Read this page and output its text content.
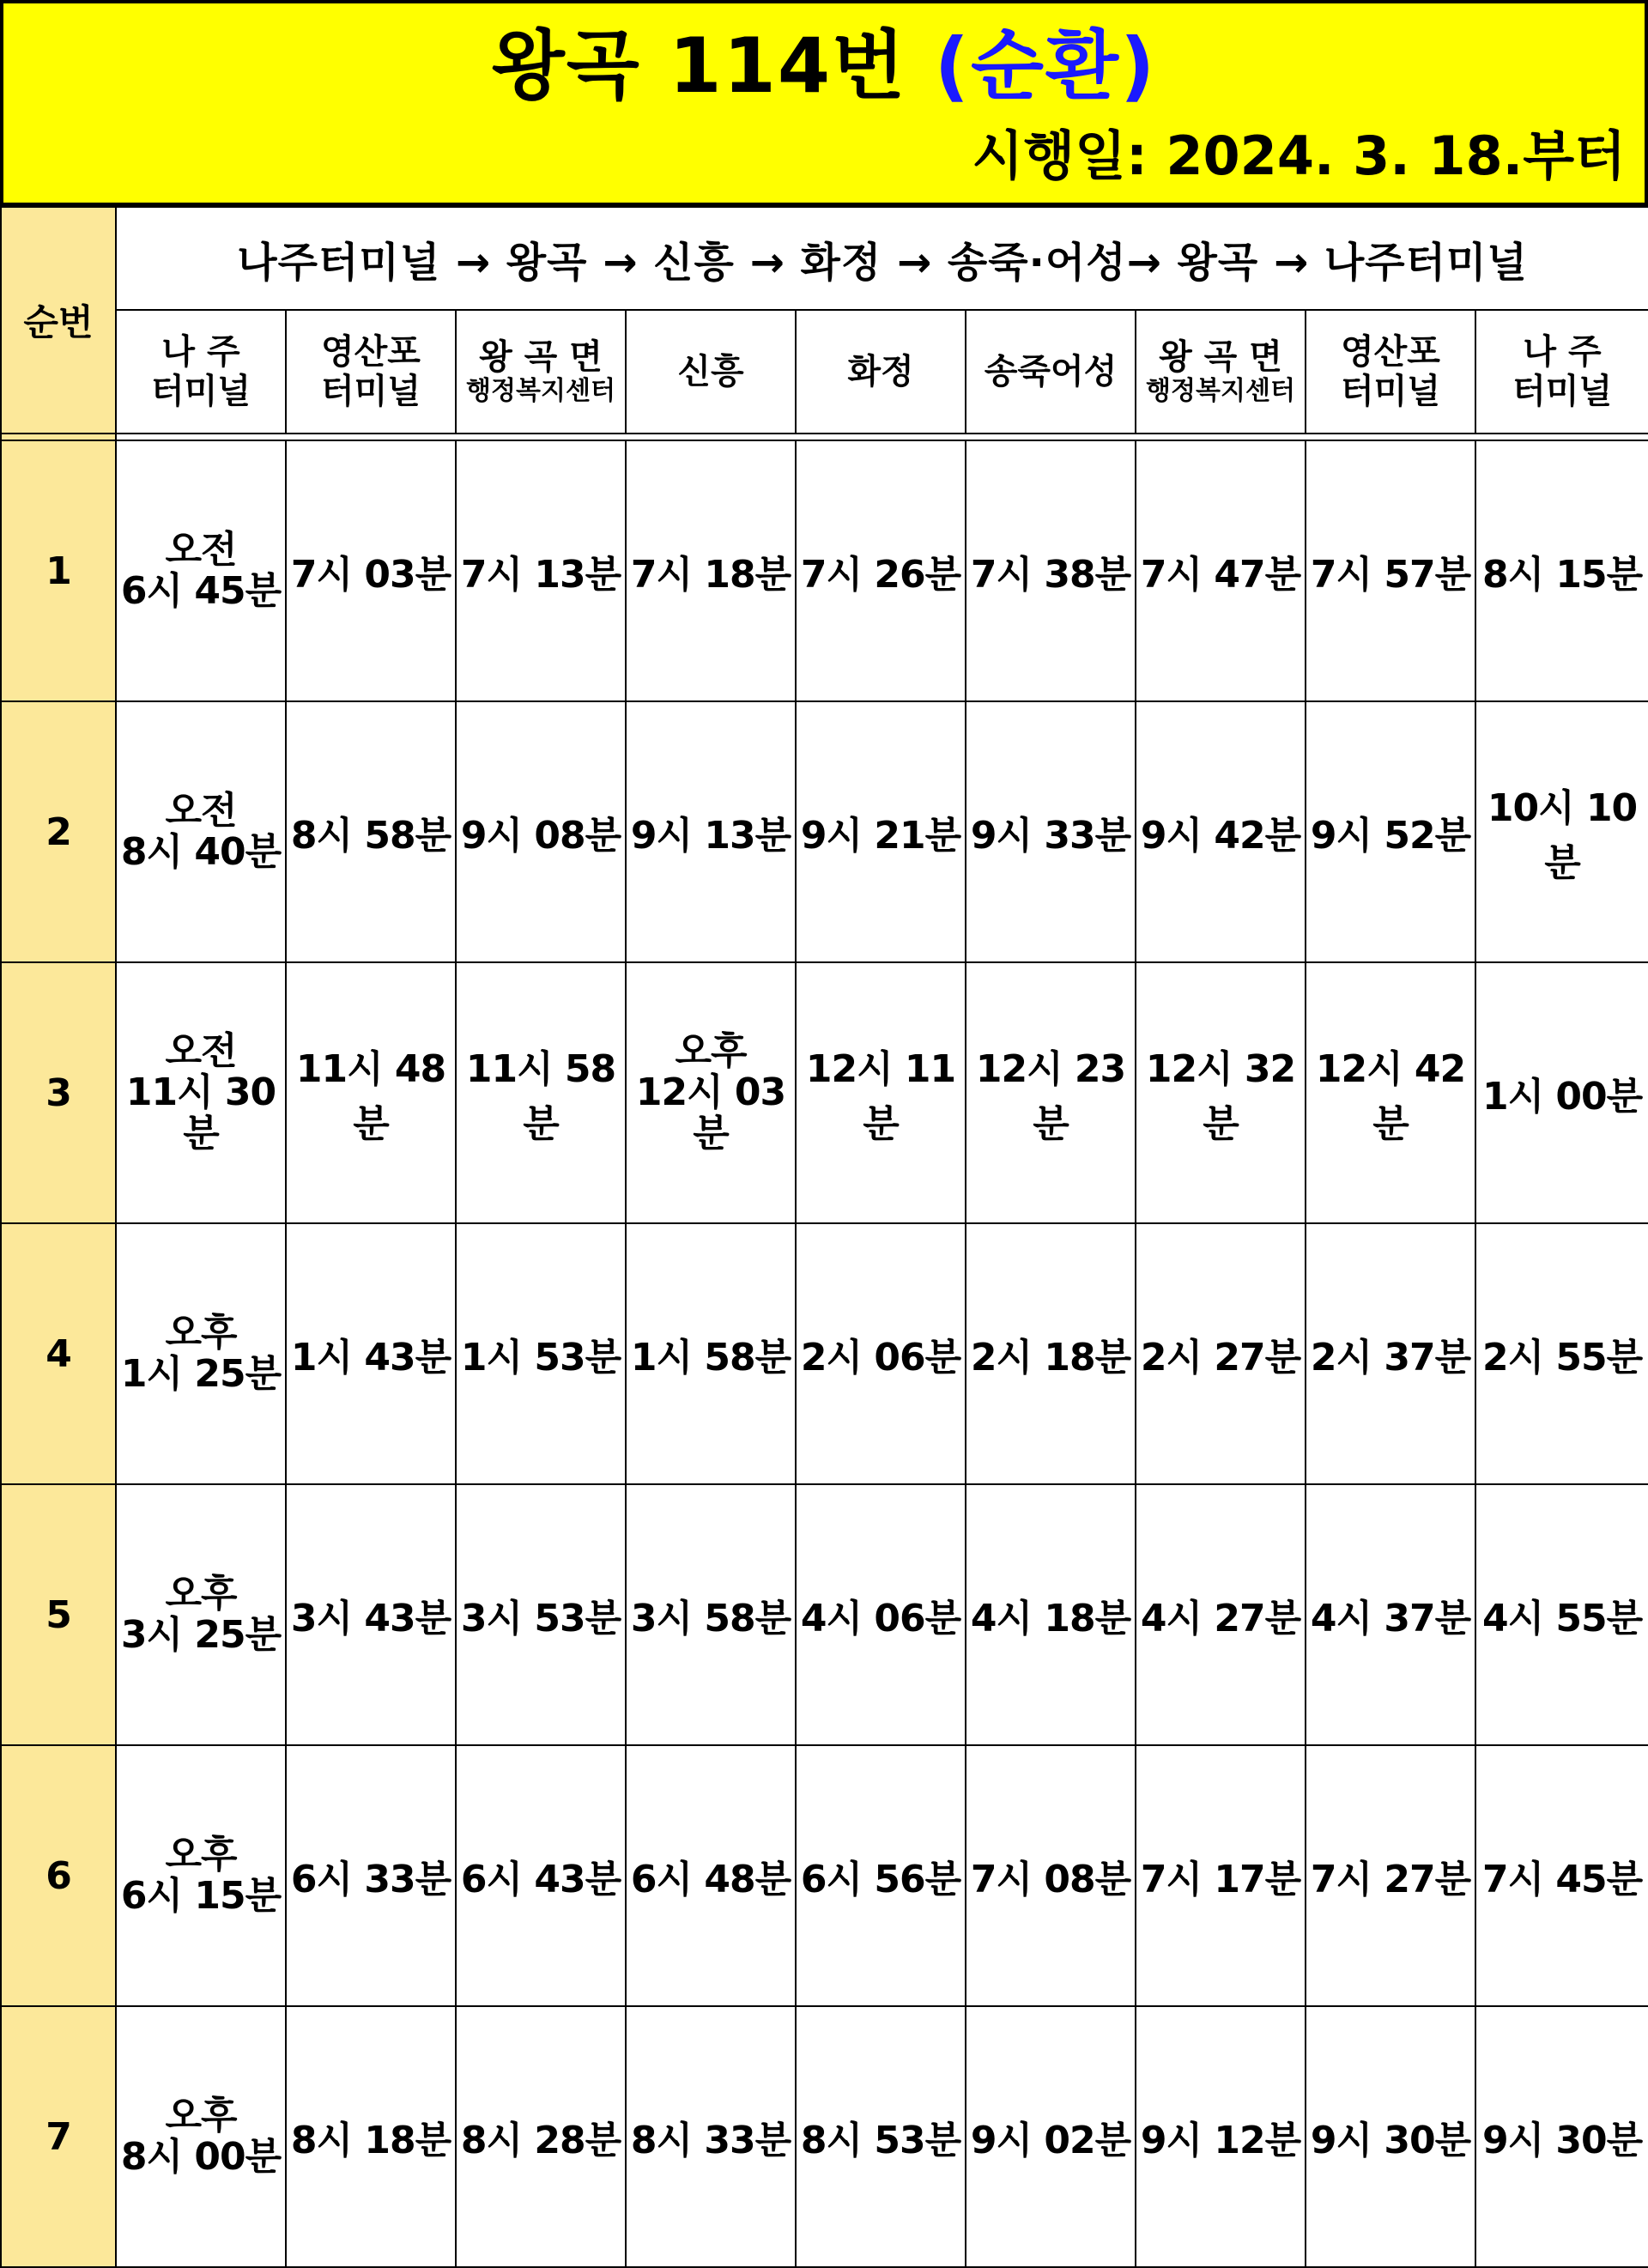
왕곡 114번 (순환)
시행일: 2024. 3. 18.부터
순번	나주터미널 → 왕곡 → 신흥 → 화정 → 송죽·어성→ 왕곡 → 나주터미널								

	나 주
터미널	영산포
터미널	왕 곡 면
행정복지센터	신흥	화정	송죽어성	왕 곡 면
행정복지센터	영산포
터미널	나 주
터미널

1	오전
6시 45분	7시 03분	7시 13분	7시 18분	7시 26분	7시 38분	7시 47분	7시 57분	8시 15분
2	오전
8시 40분	8시 58분	9시 08분	9시 13분	9시 21분	9시 33분	9시 42분	9시 52분	10시 10분
3	오전
11시 30분	11시 48분	11시 58분	오후
12시 03분	12시 11분	12시 23분	12시 32분	12시 42분	1시 00분
4	오후
1시 25분	1시 43분	1시 53분	1시 58분	2시 06분	2시 18분	2시 27분	2시 37분	2시 55분
5	오후
3시 25분	3시 43분	3시 53분	3시 58분	4시 06분	4시 18분	4시 27분	4시 37분	4시 55분
6	오후
6시 15분	6시 33분	6시 43분	6시 48분	6시 56분	7시 08분	7시 17분	7시 27분	7시 45분
7	오후
8시 00분	8시 18분	8시 28분	8시 33분	8시 53분	9시 02분	9시 12분	9시 30분	9시 30분
